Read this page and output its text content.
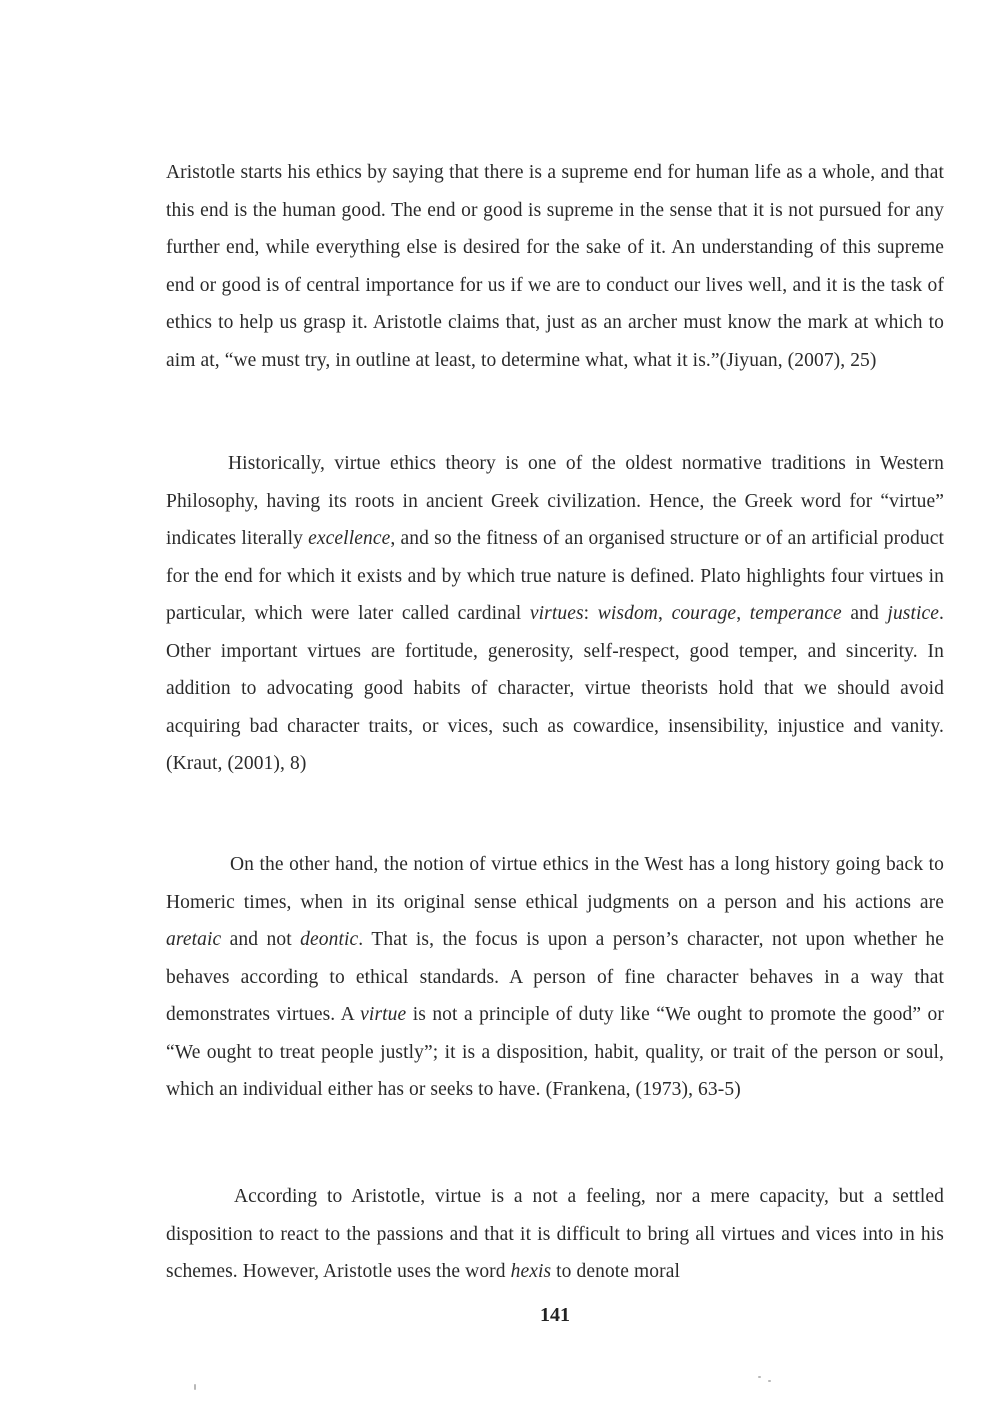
Aristotle starts his ethics by saying that there is a supreme end for human life as a whole, and that this end is the human good. The end or good is supreme in the sense that it is not pursued for any further end, while everything else is desired for the sake of it. An understanding of this supreme end or good is of central importance for us if we are to conduct our lives well, and it is the task of ethics to help us grasp it. Aristotle claims that, just as an archer must know the mark at which to aim at, “we must try, in outline at least, to determine what, what it is.”(Jiyuan, (2007), 25)

Historically, virtue ethics theory is one of the oldest normative traditions in Western Philosophy, having its roots in ancient Greek civilization. Hence, the Greek word for “virtue” indicates literally excellence, and so the fitness of an organised structure or of an artificial product for the end for which it exists and by which true nature is defined. Plato highlights four virtues in particular, which were later called cardinal virtues: wisdom, courage, temperance and justice. Other important virtues are fortitude, generosity, self-respect, good temper, and sincerity. In addition to advocating good habits of character, virtue theorists hold that we should avoid acquiring bad character traits, or vices, such as cowardice, insensibility, injustice and vanity. (Kraut, (2001), 8)

On the other hand, the notion of virtue ethics in the West has a long history going back to Homeric times, when in its original sense ethical judgments on a person and his actions are aretaic and not deontic. That is, the focus is upon a person’s character, not upon whether he behaves according to ethical standards. A person of fine character behaves in a way that demonstrates virtues. A virtue is not a principle of duty like “We ought to promote the good” or “We ought to treat people justly”; it is a disposition, habit, quality, or trait of the person or soul, which an individual either has or seeks to have. (Frankena, (1973), 63-5)

According to Aristotle, virtue is a not a feeling, nor a mere capacity, but a settled disposition to react to the passions and that it is difficult to bring all virtues and vices into in his schemes. However, Aristotle uses the word hexis to denote moral

141
